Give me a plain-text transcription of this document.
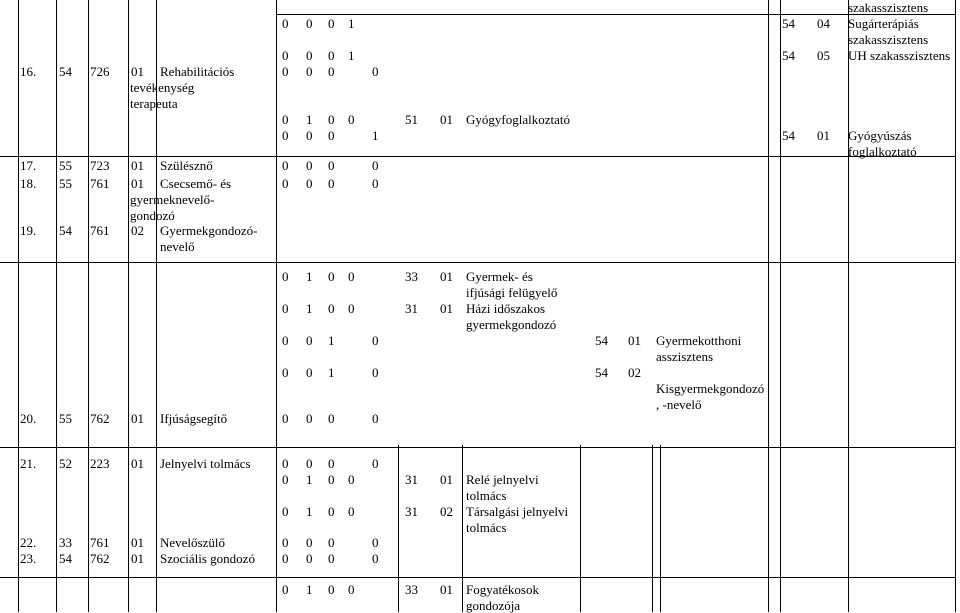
szakasszisztens
0 0 0 1	54 04 Sugárterápiás
szakasszisztens
0 0 0 1	54 05 UH szakasszisztens
16. 54 726 01 Rehabilitációs	0 0 0	0
tevékenység
terapeuta
0 1 0 0	51 01 Gyógyfoglalkoztató
0 0 0	1	54 01 Gyógyúszás
foglalkoztató
17. 55 723 01 Szülésznő	0 0 0	0
18. 55 761 01 Csecsemő- és	0 0 0	0
gyermeknevelő-
gondozó
19. 54 761 02 Gyermekgondozó-
nevelő
0 1 0 0	33 01 Gyermek- és
ifjúsági felügyelő
0 1 0 0	31 01 Házi időszakos
gyermekgondozó
0 0 1	0	54 01 Gyermekotthoni
asszisztens
0 0 1	0	54 02
Kisgyermekgondozó
, -nevelő
20. 55 762 01 Ifjúságsegítő	0 0 0	0
21. 52 223 01 Jelnyelvi tolmács 0 0 0	0
0 1 0 0	31 01 Relé jelnyelvi
tolmács
0 1 0 0	31 02 Társalgási jelnyelvi
tolmács
22. 33 761 01 Nevelőszülő	0 0 0	0
23. 54 762 01 Szociális gondozó 0 0 0	0
0 1 0 0	33 01 Fogyatékosok
gondozója
